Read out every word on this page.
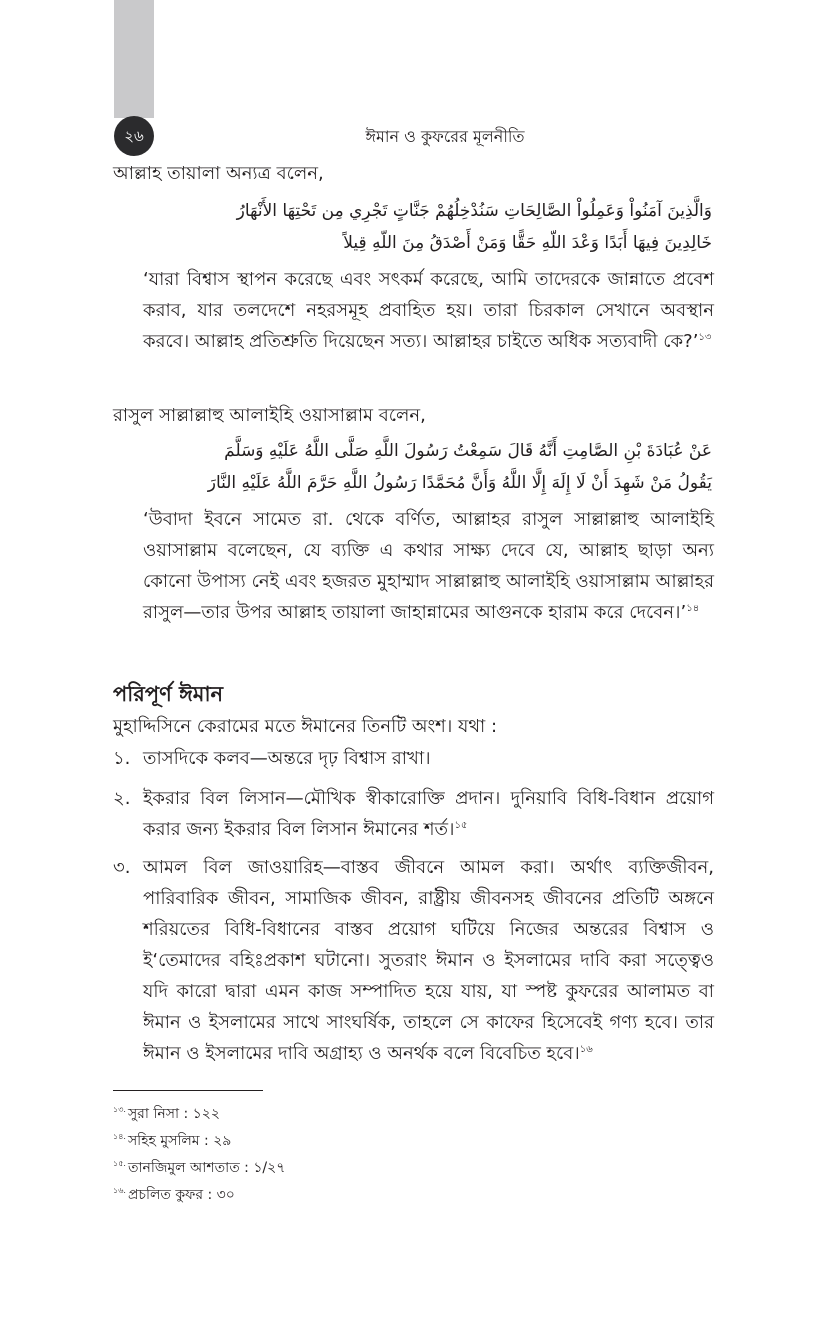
২৬	ঈমান ও কুফরের মূলনীতি
আল্লাহ তায়ালা অন্যত্র বলেন,
وَالَّذِينَ آمَنُواْ وَعَمِلُواْ الصَّالِحَاتِ سَنُدْخِلُهُمْ جَنَّاتٍ تَجْرِي مِن تَحْتِهَا الأَنْهَارُ
خَالِدِينَ فِيهَا أَبَدًا وَعْدَ اللّهِ حَقًّا وَمَنْ أَصْدَقُ مِنَ اللّهِ قِيلاً
‘যারা বিশ্বাস স্থাপন করেছে এবং সৎকর্ম করেছে, আমি তাদেরকে জান্নাতে প্রবেশ করাব, যার তলদেশে নহরসমূহ প্রবাহিত হয়। তারা চিরকাল সেখানে অবস্থান করবে। আল্লাহ প্রতিশ্রুতি দিয়েছেন সত্য। আল্লাহর চাইতে অধিক সত্যবাদী কে?’$^{১৩}$
রাসুল সাল্লাল্লাহু আলাইহি ওয়াসাল্লাম বলেন,
عَنْ عُبَادَةَ بْنِ الصَّامِتِ أَنَّهُ قَالَ سَمِعْتُ رَسُولَ اللَّهِ صَلَّى اللَّهُ عَلَيْهِ وَسَلَّمَ
يَقُولُ مَنْ شَهِدَ أَنْ لَا إِلَهَ إِلَّا اللَّهُ وَأَنَّ مُحَمَّدًا رَسُولُ اللَّهِ حَرَّمَ اللَّهُ عَلَيْهِ النَّارَ
‘উবাদা ইবনে সামেত রা. থেকে বর্ণিত, আল্লাহর রাসুল সাল্লাল্লাহু আলাইহি ওয়াসাল্লাম বলেছেন, যে ব্যক্তি এ কথার সাক্ষ্য দেবে যে, আল্লাহ ছাড়া অন্য কোনো উপাস্য নেই এবং হজরত মুহাম্মাদ সাল্লাল্লাহু আলাইহি ওয়াসাল্লাম আল্লাহর রাসুল—তার উপর আল্লাহ তায়ালা জাহান্নামের আগুনকে হারাম করে দেবেন।’$^{১৪}$
পরিপূর্ণ ঈমান
মুহাদ্দিসিনে কেরামের মতে ঈমানের তিনটি অংশ। যথা :
১. তাসদিকে কলব—অন্তরে দৃঢ় বিশ্বাস রাখা।
২. ইকরার বিল লিসান—মৌখিক স্বীকারোক্তি প্রদান। দুনিয়াবি বিধি-বিধান প্রয়োগ করার জন্য ইকরার বিল লিসান ঈমানের শর্ত।$^{১৫}$
৩. আমল বিল জাওয়ারিহ—বাস্তব জীবনে আমল করা। অর্থাৎ ব্যক্তিজীবন, পারিবারিক জীবন, সামাজিক জীবন, রাষ্ট্রীয় জীবনসহ জীবনের প্রতিটি অঙ্গনে শরিয়তের বিধি-বিধানের বাস্তব প্রয়োগ ঘটিয়ে নিজের অন্তরের বিশ্বাস ও ই‘তেমাদের বহিঃপ্রকাশ ঘটানো। সুতরাং ঈমান ও ইসলামের দাবি করা সত্ত্বেও যদি কারো দ্বারা এমন কাজ সম্পাদিত হয়ে যায়, যা স্পষ্ট কুফরের আলামত বা ঈমান ও ইসলামের সাথে সাংঘর্ষিক, তাহলে সে কাফের হিসেবেই গণ্য হবে। তার ঈমান ও ইসলামের দাবি অগ্রাহ্য ও অনর্থক বলে বিবেচিত হবে।$^{১৬}$
$^{১৩.}$ সুরা নিসা : ১২২
$^{১৪.}$ সহিহ মুসলিম : ২৯
$^{১৫.}$ তানজিমুল আশতাত : ১/২৭
$^{১৬.}$ প্রচলিত কুফর : ৩০
